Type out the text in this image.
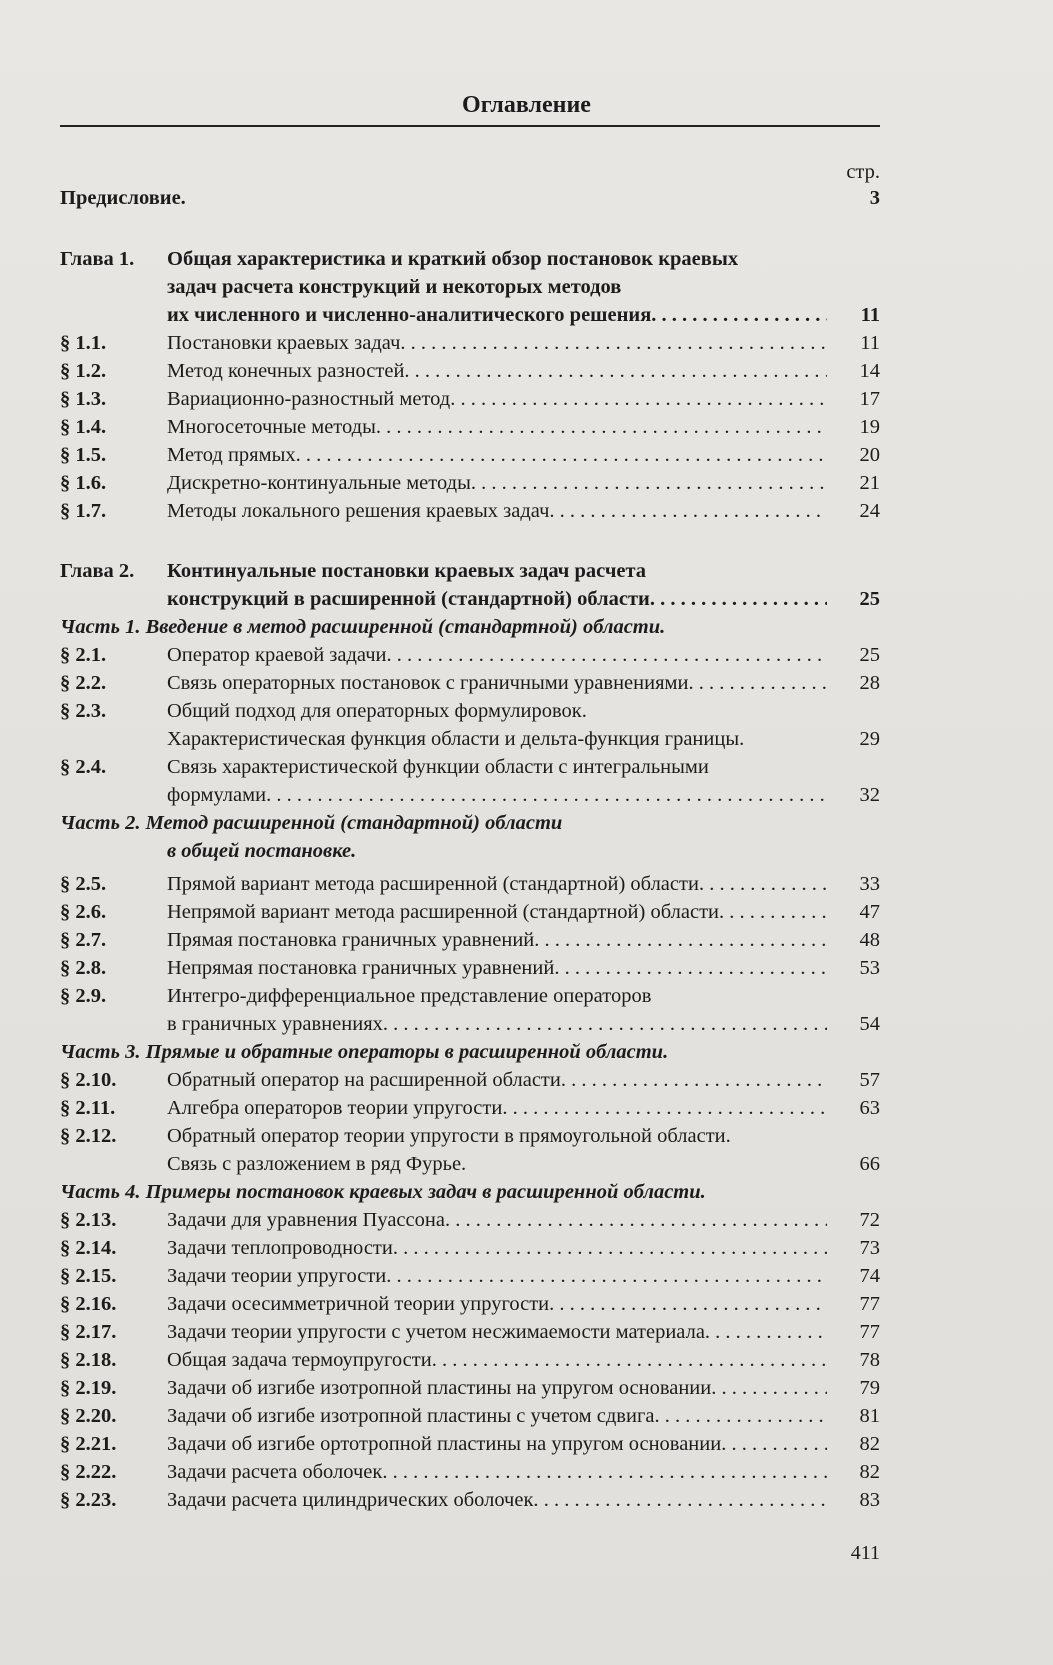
Оглавление
стр.
Предисловие.	3
Глава 1. Общая характеристика и краткий обзор постановок краевых
задач расчета конструкций и некоторых методов
их численного и численно-аналитического решения. . . .	11
§ 1.1.	Постановки краевых задач. . . .	11
§ 1.2.	Метод конечных разностей. . . .	14
§ 1.3.	Вариационно-разностный метод. . . .	17
§ 1.4.	Многосеточные методы. . . .	19
§ 1.5.	Метод прямых. . . .	20
§ 1.6.	Дискретно-континуальные методы. . . .	21
§ 1.7.	Методы локального решения краевых задач. . . .	24
Глава 2. Континуальные постановки краевых задач расчета
конструкций в расширенной (стандартной) области. . . .	25
Часть 1. Введение в метод расширенной (стандартной) области.
§ 2.1.	Оператор краевой задачи. . . .	25
§ 2.2.	Связь операторных постановок с граничными уравнениями. . . .	28
§ 2.3.	Общий подход для операторных формулировок.
Характеристическая функция области и дельта-функция границы.	29
§ 2.4.	Связь характеристической функции области с интегральными
формулами. . . .	32
Часть 2. Метод расширенной (стандартной) области
в общей постановке.
§ 2.5.	Прямой вариант метода расширенной (стандартной) области. . . .	33
§ 2.6.	Непрямой вариант метода расширенной (стандартной) области. . . .	47
§ 2.7.	Прямая постановка граничных уравнений. . . .	48
§ 2.8.	Непрямая постановка граничных уравнений. . . .	53
§ 2.9.	Интегро-дифференциальное представление операторов
в граничных уравнениях. . . .	54
Часть 3. Прямые и обратные операторы в расширенной области.
§ 2.10. Обратный оператор на расширенной области. . . .	57
§ 2.11.	Алгебра операторов теории упругости. . . .	63
§ 2.12. Обратный оператор теории упругости в прямоугольной области.
Связь с разложением в ряд Фурье.	66
Часть 4. Примеры постановок краевых задач в расширенной области.
§ 2.13. Задачи для уравнения Пуассона. . . .	72
§ 2.14. Задачи теплопроводности. . . .	73
§ 2.15. Задачи теории упругости. . . .	74
§ 2.16. Задачи осесимметричной теории упругости. . . .	77
§ 2.17. Задачи теории упругости с учетом несжимаемости материала. . . .	77
§ 2.18. Общая задача термоупругости. . . .	78
§ 2.19. Задачи об изгибе изотропной пластины на упругом основании. . . .	79
§ 2.20. Задачи об изгибе изотропной пластины с учетом сдвига. . . .	81
§ 2.21. Задачи об изгибе ортотропной пластины на упругом основании. . . .	82
§ 2.22. Задачи расчета оболочек. . . .	82
§ 2.23. Задачи расчета цилиндрических оболочек. . . .	83
411
